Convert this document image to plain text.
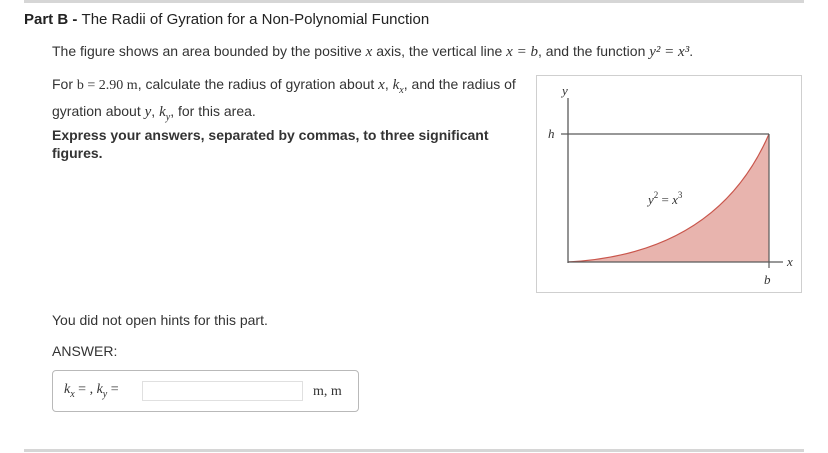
Part B - The Radii of Gyration for a Non-Polynomial Function
The figure shows an area bounded by the positive x axis, the vertical line x = b, and the function y² = x³.
For b = 2.90 m, calculate the radius of gyration about x, $k_x$, and the radius of gyration about y, $k_y$, for this area.
Express your answers, separated by commas, to three significant figures.
y
h
x
b
$y^2 = x^3$
You did not open hints for this part.
ANSWER:
$k_x$ = , $k_y$ =	m, m
